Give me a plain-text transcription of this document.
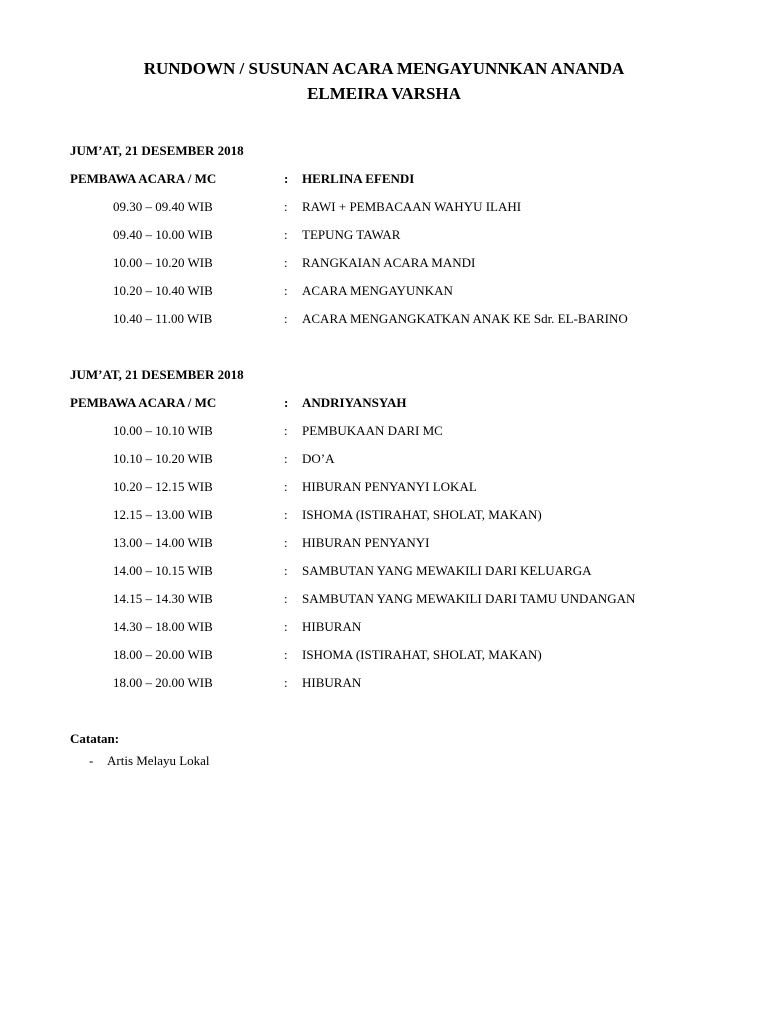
RUNDOWN / SUSUNAN ACARA MENGAYUNNKAN ANANDA
ELMEIRA VARSHA
JUM’AT, 21 DESEMBER 2018
PEMBAWA ACARA / MC	: HERLINA EFENDI
09.30 – 09.40 WIB	: RAWI + PEMBACAAN WAHYU ILAHI
09.40 – 10.00 WIB	: TEPUNG TAWAR
10.00 – 10.20 WIB	: RANGKAIAN ACARA MANDI
10.20 – 10.40 WIB	: ACARA MENGAYUNKAN
10.40 – 11.00 WIB	: ACARA MENGANGKATKAN ANAK KE Sdr. EL-BARINO
JUM’AT, 21 DESEMBER 2018
PEMBAWA ACARA / MC	: ANDRIYANSYAH
10.00 – 10.10 WIB	: PEMBUKAAN DARI MC
10.10 – 10.20 WIB	: DO’A
10.20 – 12.15 WIB	: HIBURAN PENYANYI LOKAL
12.15 – 13.00 WIB	: ISHOMA (ISTIRAHAT, SHOLAT, MAKAN)
13.00 – 14.00 WIB	: HIBURAN PENYANYI
14.00 – 10.15 WIB	: SAMBUTAN YANG MEWAKILI DARI KELUARGA
14.15 – 14.30 WIB	: SAMBUTAN YANG MEWAKILI DARI TAMU UNDANGAN
14.30 – 18.00 WIB	: HIBURAN
18.00 – 20.00 WIB	: ISHOMA (ISTIRAHAT, SHOLAT, MAKAN)
18.00 – 20.00 WIB	: HIBURAN
Catatan:
- Artis Melayu Lokal
